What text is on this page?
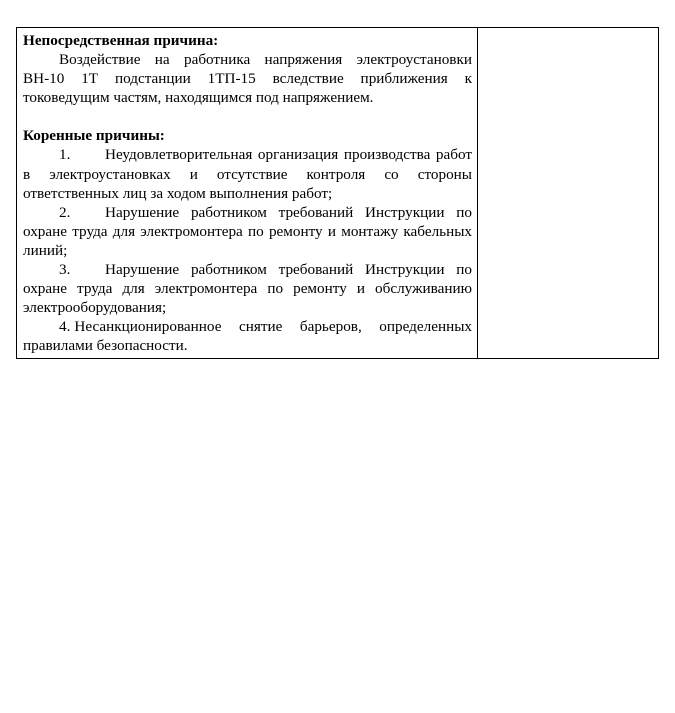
Непосредственная причина:

Воздействие на работника напряжения электроустановки ВН-10 1Т подстанции 1ТП-15 вследствие приближения к токоведущим частям, находящимся под напряжением.

Коренные причины:

1. Неудовлетворительная организация производства работ в электроустановках и отсутствие контроля со стороны ответственных лиц за ходом выполнения работ;

2. Нарушение работником требований Инструкции по охране труда для электромонтера по ремонту и монтажу кабельных линий;

3. Нарушение работником требований Инструкции по охране труда для электромонтера по ремонту и обслуживанию электрооборудования;

4. Несанкционированное снятие барьеров, определенных правилами безопасности.
